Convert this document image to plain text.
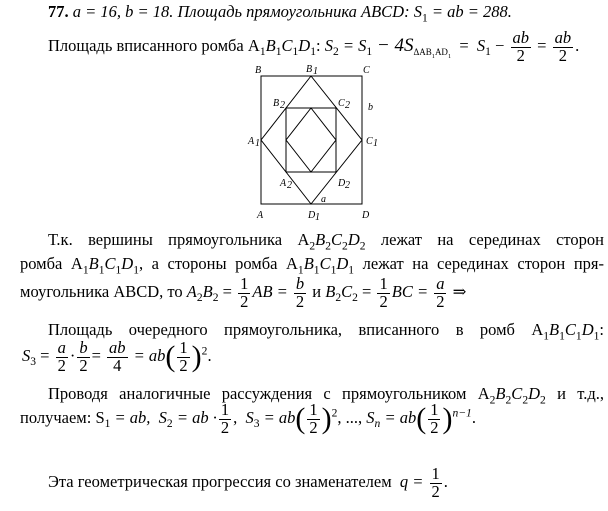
77. a = 16, b = 18. Площадь прямоугольника ABCD: $S_1$ = ab = 288.
Площадь вписанного ромба $A_1B_1C_1D_1$: $S_2 = S_1 - 4S_{\Delta AB_1AD_1} = S_1 - \frac{ab}{2} = \frac{ab}{2}$ .
B	B 1	C
B 2	C 2 b
A 1	C 1
A 2	D 2
a
A	D 1	D
Т.к. вершины прямоугольника $A_2B_2C_2D_2$ лежат на серединах сторон
ромба $A_1B_1C_1D_1$, а стороны ромба $A_1B_1C_1D_1$ лежат на серединах сторон пря-
моугольника ABCD, то $A_2B_2 = \frac{1}{2}$ AB = $\frac{b}{2}$ и $B_2C_2 = \frac{1}{2}$ BC = $\frac{a}{2}$ ⇒
Площадь очередного прямоугольника, вписанного в ромб $A_1B_1C_1D_1$:
$S_3 = \frac{a}{2} \cdot \frac{b}{2} = \frac{ab}{4} = ab( \frac{1}{2} )^2$.
Проводя аналогичные рассуждения с прямоугольником $A_2B_2C_2D_2$ и т.д.,
получаем: $S_1$ = ab, $S_2$ = ab · $\frac{1}{2}$ ,  $S_3 = ab( \frac{1}{2} )^2$, ..., $S_n = ab( \frac{1}{2} )^{n-1}$.
Эта геометрическая прогрессия со знаменателем $q = \frac{1}{2}$ .
